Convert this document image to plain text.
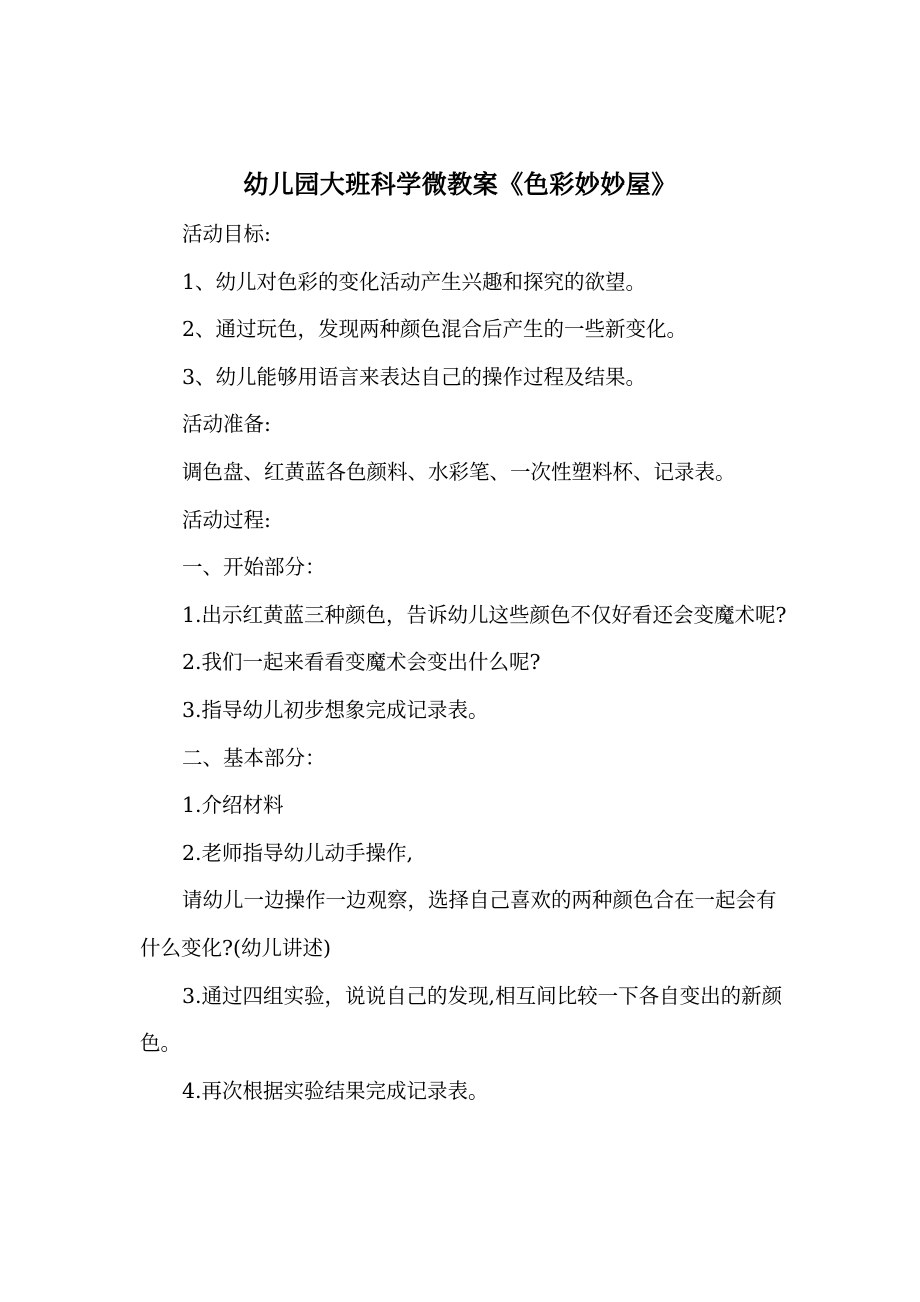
幼儿园大班科学微教案《色彩妙妙屋》

活动目标:

1、幼儿对色彩的变化活动产生兴趣和探究的欲望。

2、通过玩色，发现两种颜色混合后产生的一些新变化。

3、幼儿能够用语言来表达自己的操作过程及结果。

活动准备:

调色盘、红黄蓝各色颜料、水彩笔、一次性塑料杯、记录表。

活动过程:

一、开始部分：

1.出示红黄蓝三种颜色，告诉幼儿这些颜色不仅好看还会变魔术呢?

2.我们一起来看看变魔术会变出什么呢?

3.指导幼儿初步想象完成记录表。

二、基本部分：

1.介绍材料

2.老师指导幼儿动手操作,

请幼儿一边操作一边观察，选择自己喜欢的两种颜色合在一起会有什么变化?(幼儿讲述)

3.通过四组实验，说说自己的发现,相互间比较一下各自变出的新颜色。

4.再次根据实验结果完成记录表。
